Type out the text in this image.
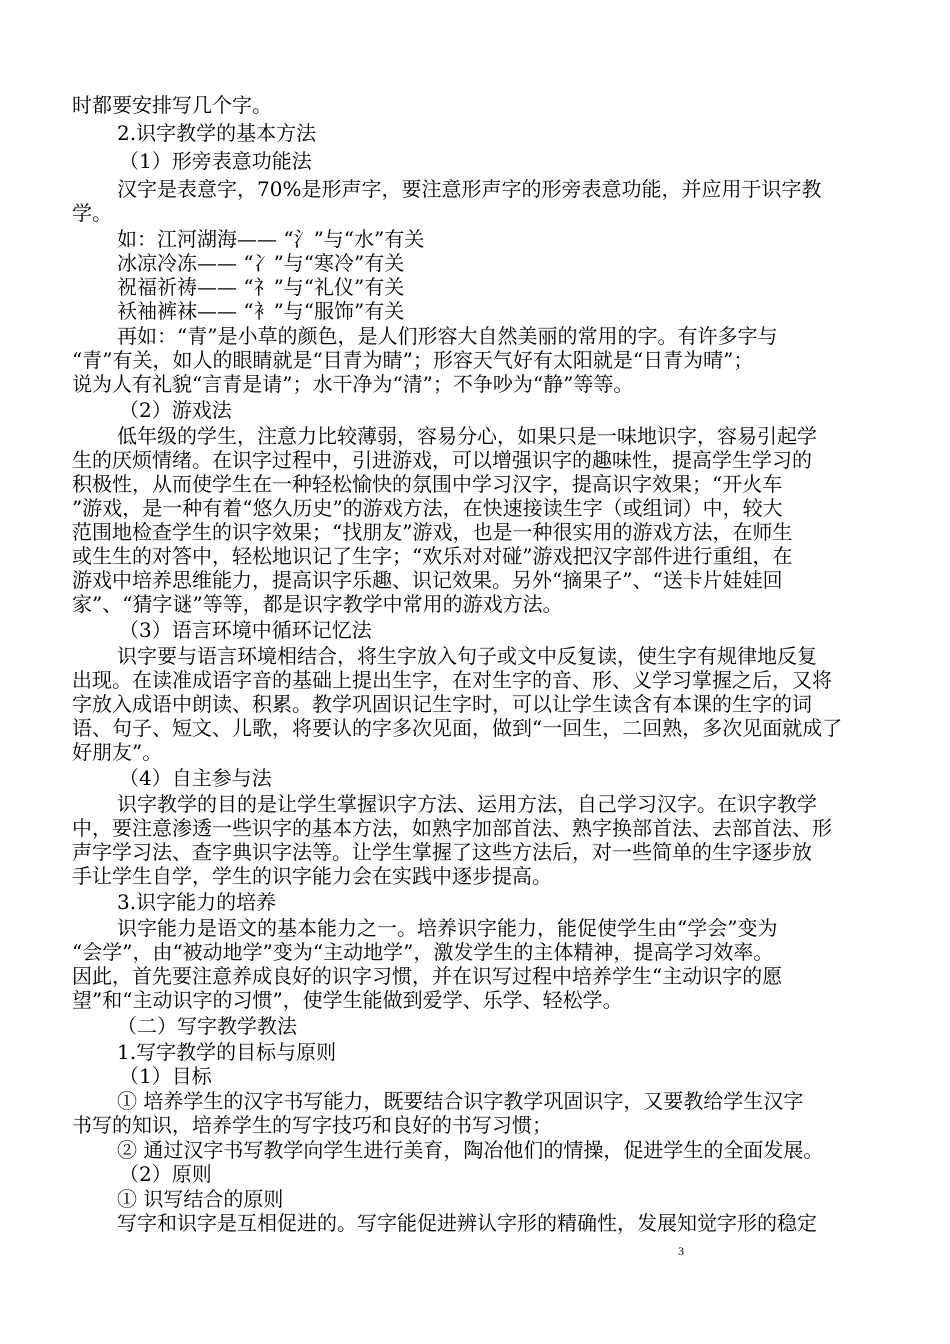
时都要安排写几个字。
2.识字教学的基本方法
（1）形旁表意功能法
汉字是表意字，70%是形声字，要注意形声字的形旁表意功能，并应用于识字教
学。
如：江河湖海—— “氵”与“水”有关
冰凉冷冻—— “冫”与“寒冷”有关
祝福祈祷—— “礻”与“礼仪”有关
袄袖裤袜—— “衤”与“服饰”有关
再如：“青”是小草的颜色，是人们形容大自然美丽的常用的字。有许多字与
“青”有关，如人的眼睛就是“目青为睛”；形容天气好有太阳就是“日青为晴”；
说为人有礼貌“言青是请”；水干净为“清”；不争吵为“静”等等。
（2）游戏法
低年级的学生，注意力比较薄弱，容易分心，如果只是一味地识字，容易引起学
生的厌烦情绪。在识字过程中，引进游戏，可以增强识字的趣味性，提高学生学习的
积极性，从而使学生在一种轻松愉快的氛围中学习汉字，提高识字效果；“开火车
”游戏，是一种有着“悠久历史”的游戏方法，在快速接读生字（或组词）中，较大
范围地检查学生的识字效果；“找朋友”游戏，也是一种很实用的游戏方法，在师生
或生生的对答中，轻松地识记了生字；“欢乐对对碰”游戏把汉字部件进行重组，在
游戏中培养思维能力，提高识字乐趣、识记效果。另外“摘果子”、“送卡片娃娃回
家”、“猜字谜”等等，都是识字教学中常用的游戏方法。
（3）语言环境中循环记忆法
识字要与语言环境相结合，将生字放入句子或文中反复读，使生字有规律地反复
出现。在读准成语字音的基础上提出生字，在对生字的音、形、义学习掌握之后，又将
字放入成语中朗读、积累。教学巩固识记生字时，可以让学生读含有本课的生字的词
语、句子、短文、儿歌，将要认的字多次见面，做到“一回生，二回熟，多次见面就成了
好朋友”。
（4）自主参与法
识字教学的目的是让学生掌握识字方法、运用方法，自己学习汉字。在识字教学
中，要注意渗透一些识字的基本方法，如熟字加部首法、熟字换部首法、去部首法、形
声字学习法、查字典识字法等。让学生掌握了这些方法后，对一些简单的生字逐步放
手让学生自学，学生的识字能力会在实践中逐步提高。
3.识字能力的培养
识字能力是语文的基本能力之一。培养识字能力，能促使学生由“学会”变为
“会学”，由“被动地学”变为“主动地学”，激发学生的主体精神，提高学习效率。
因此，首先要注意养成良好的识字习惯，并在识写过程中培养学生“主动识字的愿
望”和“主动识字的习惯”，使学生能做到爱学、乐学、轻松学。
（二）写字教学教法
1.写字教学的目标与原则
（1）目标
① 培养学生的汉字书写能力，既要结合识字教学巩固识字，又要教给学生汉字
书写的知识，培养学生的写字技巧和良好的书写习惯；
② 通过汉字书写教学向学生进行美育，陶冶他们的情操，促进学生的全面发展。
（2）原则
① 识写结合的原则
写字和识字是互相促进的。写字能促进辨认字形的精确性，发展知觉字形的稳定
3
